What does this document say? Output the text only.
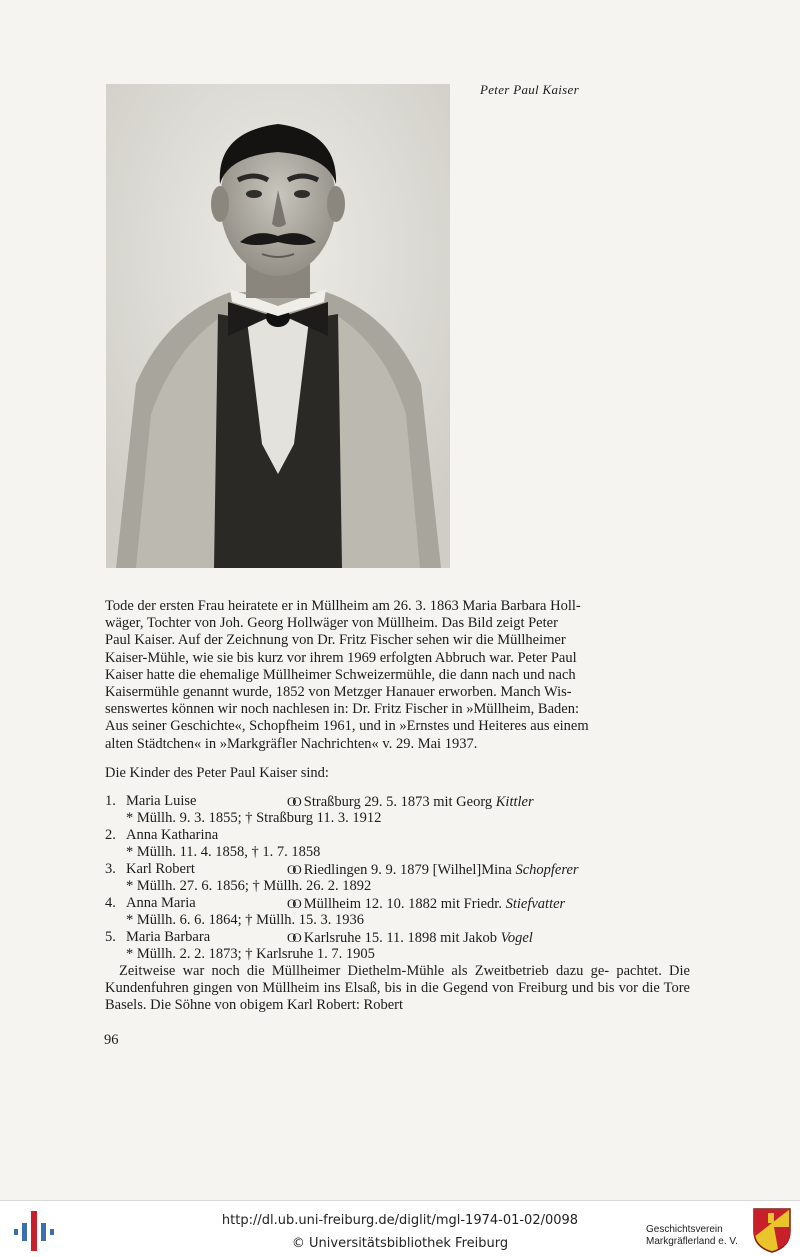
Peter Paul Kaiser

Tode der ersten Frau heiratete er in Müllheim am 26. 3. 1863 Maria Barbara Holl-

wäger, Tochter von Joh. Georg Hollwäger von Müllheim. Das Bild zeigt Peter

Paul Kaiser. Auf der Zeichnung von Dr. Fritz Fischer sehen wir die Müllheimer

Kaiser-Mühle, wie sie bis kurz vor ihrem 1969 erfolgten Abbruch war. Peter Paul

Kaiser hatte die ehemalige Müllheimer Schweizermühle, die dann nach und nach

Kaisermühle genannt wurde, 1852 von Metzger Hanauer erworben. Manch Wis-

senswertes können wir noch nachlesen in: Dr. Fritz Fischer in »Müllheim, Baden:

Aus seiner Geschichte«, Schopfheim 1961, und in »Ernstes und Heiteres aus einem

alten Städtchen« in »Markgräfler Nachrichten« v. 29. Mai 1937.

Die Kinder des Peter Paul Kaiser sind:
1. Maria Luise	OO Straßburg 29. 5. 1873 mit Georg Kittler
* Müllh. 9. 3. 1855; † Straßburg 11. 3. 1912
2. Anna Katharina
* Müllh. 11. 4. 1858, † 1. 7. 1858
3. Karl Robert	OO Riedlingen 9. 9. 1879 [Wilhel]Mina Schopferer
* Müllh. 27. 6. 1856; † Müllh. 26. 2. 1892
4. Anna Maria	OO Müllheim 12. 10. 1882 mit Friedr. Stiefvatter
* Müllh. 6. 6. 1864; † Müllh. 15. 3. 1936
5. Maria Barbara	OO Karlsruhe 15. 11. 1898 mit Jakob Vogel
* Müllh. 2. 2. 1873; † Karlsruhe 1. 7. 1905
Zeitweise war noch die Müllheimer Diethelm-Mühle als Zweitbetrieb dazu ge- pachtet. Die Kundenfuhren gingen von Müllheim ins Elsaß, bis in die Gegend von Freiburg und bis vor die Tore Basels. Die Söhne von obigem Karl Robert: Robert
96
http://dl.ub.uni-freiburg.de/diglit/mgl-1974-01-02/0098
© Universitätsbibliothek Freiburg
Geschichtsverein
Markgräflerland e. V.
